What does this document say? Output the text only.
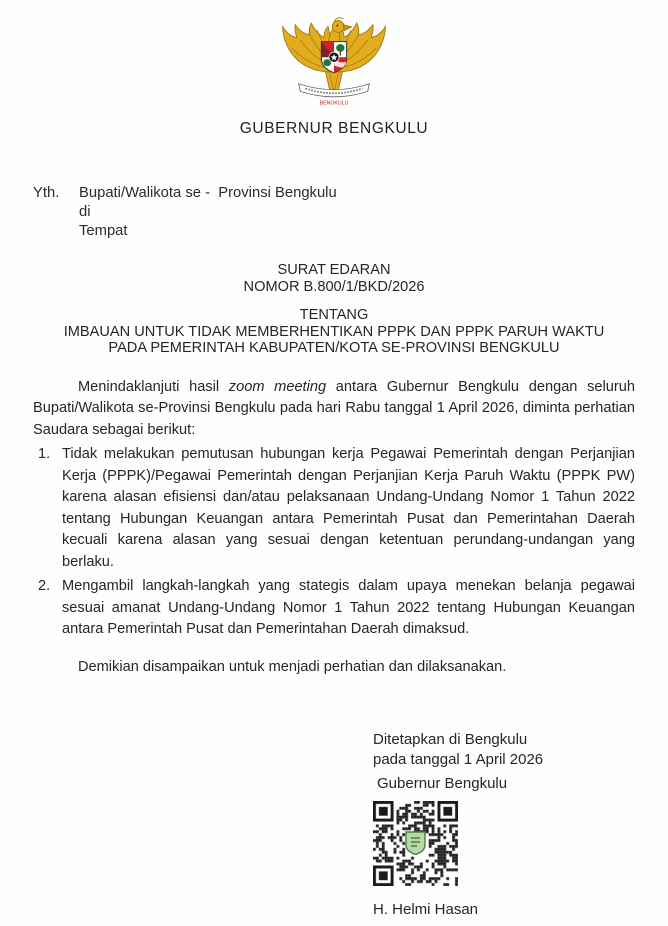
BENGKULU
GUBERNUR BENGKULU
Yth.	Bupati/Walikota se -  Provinsi Bengkulu
di
Tempat
SURAT EDARAN
NOMOR B.800/1/BKD/2026
TENTANG
IMBAUAN UNTUK TIDAK MEMBERHENTIKAN PPPK DAN PPPK PARUH WAKTU
PADA PEMERINTAH KABUPATEN/KOTA SE-PROVINSI BENGKULU

Menindaklanjuti hasil zoom meeting antara Gubernur Bengkulu dengan seluruh Bupati/Walikota se-Provinsi Bengkulu pada hari Rabu tanggal 1 April 2026, diminta perhatian Saudara sebagai berikut:

1. Tidak melakukan pemutusan hubungan kerja Pegawai Pemerintah dengan Perjanjian Kerja (PPPK)/Pegawai Pemerintah dengan Perjanjian Kerja Paruh Waktu (PPPK PW) karena alasan efisiensi dan/atau pelaksanaan Undang-Undang Nomor 1 Tahun 2022 tentang Hubungan Keuangan antara Pemerintah Pusat dan Pemerintahan Daerah kecuali karena alasan yang sesuai dengan ketentuan perundang-undangan yang berlaku.
2. Mengambil langkah-langkah yang stategis dalam upaya menekan belanja pegawai sesuai amanat Undang-Undang Nomor 1 Tahun 2022 tentang Hubungan Keuangan antara Pemerintah Pusat dan Pemerintahan Daerah dimaksud.

Demikian disampaikan untuk menjadi perhatian dan dilaksanakan.

Ditetapkan di Bengkulu
pada tanggal 1 April 2026
Gubernur Bengkulu
H. Helmi Hasan
